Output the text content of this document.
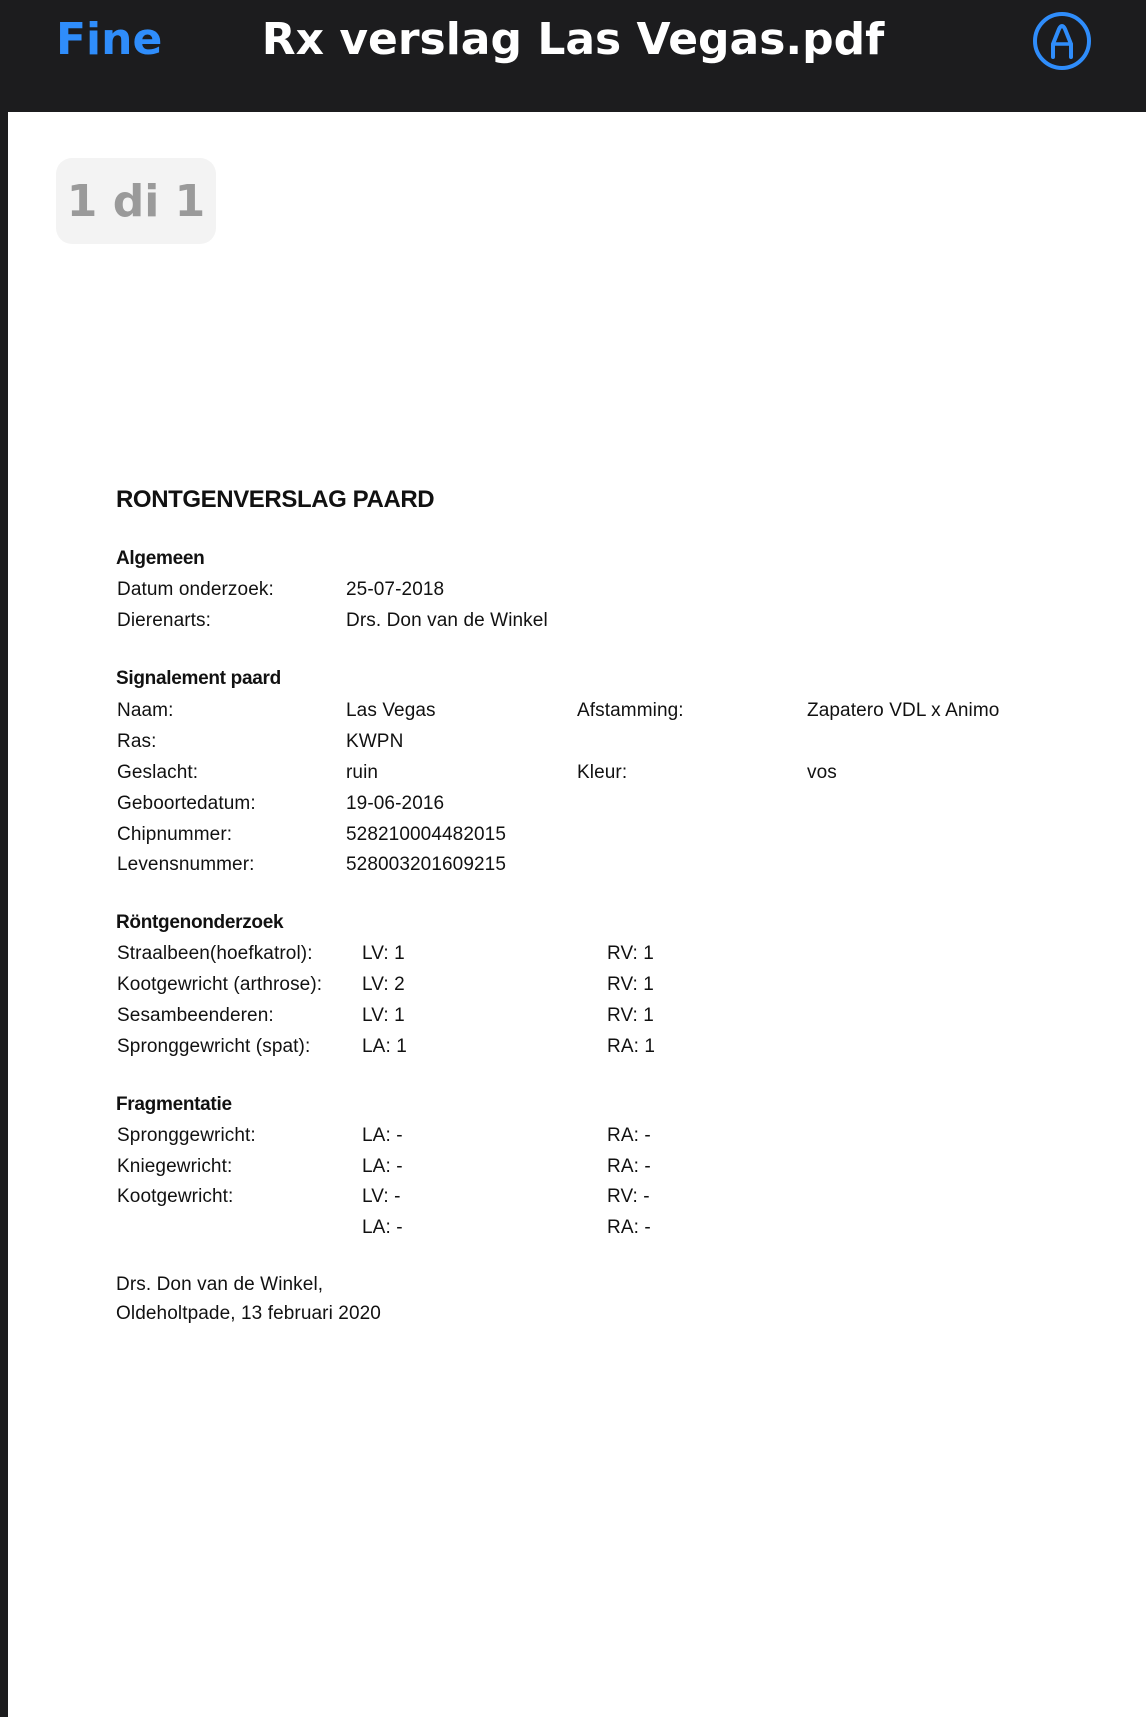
Fine	Rx verslag Las Vegas.pdf
RONTGENVERSLAG PAARD
Algemeen
Datum onderzoek:	25-07-2018
Dierenarts:	Drs. Don van de Winkel
Signalement paard
Naam:	Las Vegas	Afstamming:	Zapatero VDL x Animo
Ras:	KWPN
Geslacht:	ruin	Kleur:	vos
Geboortedatum:	19-06-2016
Chipnummer:	528210004482015
Levensnummer:	528003201609215
Röntgenonderzoek
Straalbeen(hoefkatrol):	LV: 1	RV: 1
Kootgewricht (arthrose): LV: 2	RV: 1
Sesambeenderen:	LV: 1	RV: 1
Spronggewricht (spat):	LA: 1	RA: 1
Fragmentatie
Spronggewricht:	LA: -	RA: -
Kniegewricht:	LA: -	RA: -
Kootgewricht:	LV: -	RV: -
LA: -	RA: -
Drs. Don van de Winkel,
Oldeholtpade, 13 februari 2020
1 di 1
